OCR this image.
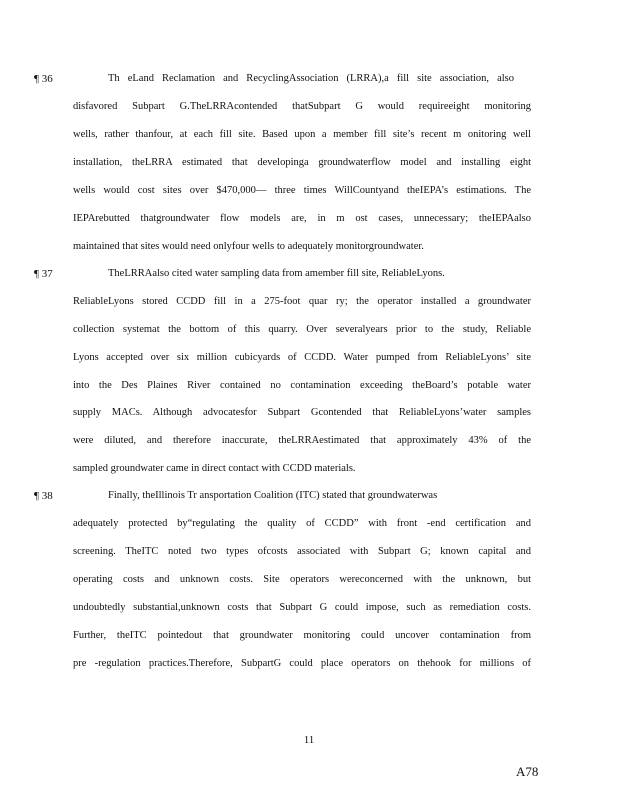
¶ 36	Th eLand Reclamation and RecyclingAssociation (LRRA),a fill site association, also
disfavored Subpart G.TheLRRAcontended thatSubpart G would requireeight monitoring
wells, rather thanfour, at each fill site. Based upon a member fill site’s recent m onitoring well
installation, theLRRA estimated that developinga groundwaterflow model and installing eight
wells would cost sites over $470,000— three times WillCountyand theIEPA’s estimations. The
IEPArebutted thatgroundwater flow models are, in m ost cases, unnecessary; theIEPAalso
maintained that sites would need onlyfour wells to adequately monitorgroundwater.
¶ 37	TheLRRAalso cited water sampling data from amember fill site, ReliableLyons.
ReliableLyons stored CCDD fill in a 275-foot quar ry; the operator installed a groundwater
collection systemat the bottom of this quarry. Over severalyears prior to the study, Reliable
Lyons accepted over six million cubicyards of CCDD. Water pumped from ReliableLyons’ site
into the Des Plaines River contained no contamination exceeding theBoard’s potable water
supply MACs. Although advocatesfor Subpart Gcontended that ReliableLyons’water samples
were diluted, and therefore inaccurate, theLRRAestimated that approximately 43% of the
sampled groundwater came in direct contact with CCDD materials.
¶ 38	Finally, theIllinois Tr ansportation Coalition (ITC) stated that groundwaterwas
adequately protected by“regulating the quality of CCDD” with front -end certification and
screening. TheITC noted two types ofcosts associated with Subpart G; known capital and
operating costs and unknown costs. Site operators wereconcerned with the unknown, but
undoubtedly substantial,unknown costs that Subpart G could impose, such as remediation costs.
Further, theITC pointedout that groundwater monitoring could uncover contamination from
pre -regulation practices.Therefore, SubpartG could place operators on thehook for millions of
11
A78
